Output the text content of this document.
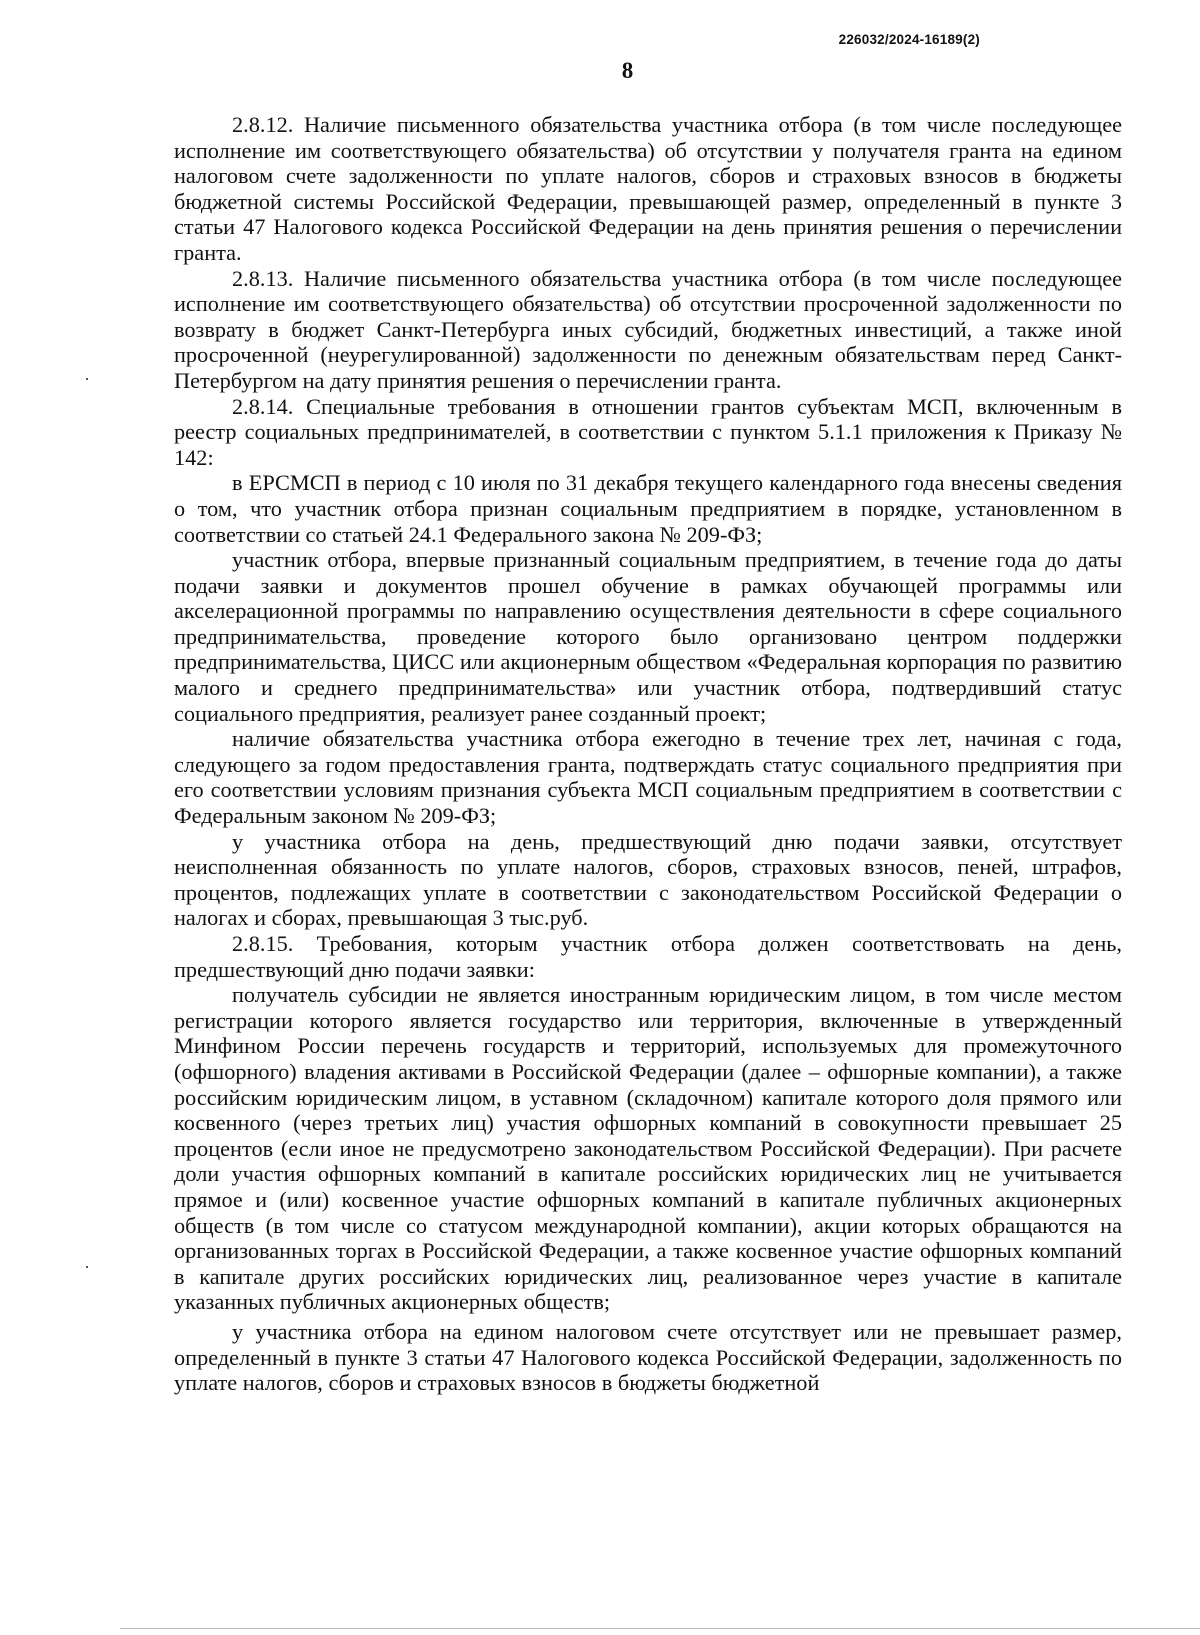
226032/2024-16189(2)
8

2.8.12. Наличие письменного обязательства участника отбора (в том числе последующее исполнение им соответствующего обязательства) об отсутствии у получателя гранта на едином налоговом счете задолженности по уплате налогов, сборов и страховых взносов в бюджеты бюджетной системы Российской Федерации, превышающей размер, определенный в пункте 3 статьи 47 Налогового кодекса Российской Федерации на день принятия решения о перечислении гранта.

2.8.13. Наличие письменного обязательства участника отбора (в том числе последующее исполнение им соответствующего обязательства) об отсутствии просроченной задолженности по возврату в бюджет Санкт-Петербурга иных субсидий, бюджетных инвестиций, а также иной просроченной (неурегулированной) задолженности по денежным обязательствам перед Санкт-Петербургом на дату принятия решения о перечислении гранта.

2.8.14. Специальные требования в отношении грантов субъектам МСП, включенным в реестр социальных предпринимателей, в соответствии с пунктом 5.1.1 приложения к Приказу № 142:

в ЕРСМСП в период с 10 июля по 31 декабря текущего календарного года внесены сведения о том, что участник отбора признан социальным предприятием в порядке, установленном в соответствии со статьей 24.1 Федерального закона № 209-ФЗ;

участник отбора, впервые признанный социальным предприятием, в течение года до даты подачи заявки и документов прошел обучение в рамках обучающей программы или акселерационной программы по направлению осуществления деятельности в сфере социального предпринимательства, проведение которого было организовано центром поддержки предпринимательства, ЦИСС или акционерным обществом «Федеральная корпорация по развитию малого и среднего предпринимательства» или участник отбора, подтвердивший статус социального предприятия, реализует ранее созданный проект;

наличие обязательства участника отбора ежегодно в течение трех лет, начиная с года, следующего за годом предоставления гранта, подтверждать статус социального предприятия при его соответствии условиям признания субъекта МСП социальным предприятием в соответствии с Федеральным законом № 209-ФЗ;

у участника отбора на день, предшествующий дню подачи заявки, отсутствует неисполненная обязанность по уплате налогов, сборов, страховых взносов, пеней, штрафов, процентов, подлежащих уплате в соответствии с законодательством Российской Федерации о налогах и сборах, превышающая 3 тыс.руб.

2.8.15. Требования, которым участник отбора должен соответствовать на день, предшествующий дню подачи заявки:

получатель субсидии не является иностранным юридическим лицом, в том числе местом регистрации которого является государство или территория, включенные в утвержденный Минфином России перечень государств и территорий, используемых для промежуточного (офшорного) владения активами в Российской Федерации (далее – офшорные компании), а также российским юридическим лицом, в уставном (складочном) капитале которого доля прямого или косвенного (через третьих лиц) участия офшорных компаний в совокупности превышает 25 процентов (если иное не предусмотрено законодательством Российской Федерации). При расчете доли участия офшорных компаний в капитале российских юридических лиц не учитывается прямое и (или) косвенное участие офшорных компаний в капитале публичных акционерных обществ (в том числе со статусом международной компании), акции которых обращаются на организованных торгах в Российской Федерации, а также косвенное участие офшорных компаний в капитале других российских юридических лиц, реализованное через участие в капитале указанных публичных акционерных обществ;

у участника отбора на едином налоговом счете отсутствует или не превышает размер, определенный в пункте 3 статьи 47 Налогового кодекса Российской Федерации, задолженность по уплате налогов, сборов и страховых взносов в бюджеты бюджетной
